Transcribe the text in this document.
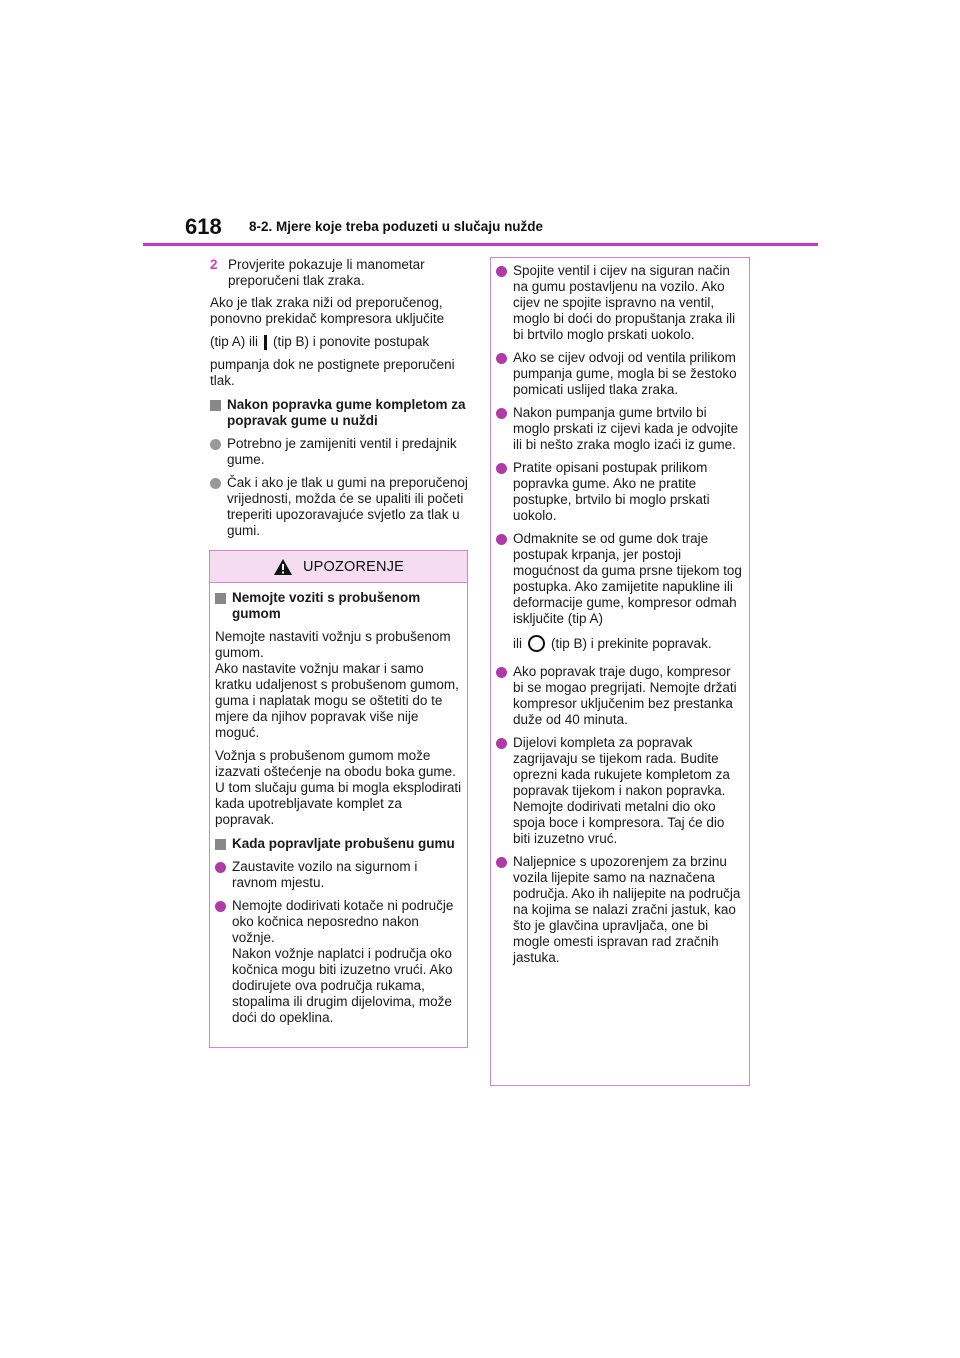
618 8-2. Mjere koje treba poduzeti u slučaju nužde
2 Provjerite pokazuje li manometar preporučeni tlak zraka.

Ako je tlak zraka niži od preporučenog, ponovno prekidač kompresora uključite

(tip A) ili (tip B) i ponovite postupak

pumpanja dok ne postignete preporučeni tlak.

Nakon popravka gume kompletom za popravak gume u nuždi
Potrebno je zamijeniti ventil i predajnik gume.
Čak i ako je tlak u gumi na preporučenoj vrijednosti, možda će se upaliti ili početi treperiti upozoravajuće svjetlo za tlak u gumi.
UPOZORENJE
Nemojte voziti s probušenom gumom

Nemojte nastaviti vožnju s probušenom gumom.

Ako nastavite vožnju makar i samo kratku udaljenost s probušenom gumom, guma i naplatak mogu se oštetiti do te mjere da njihov popravak više nije moguć.

Vožnja s probušenom gumom može izazvati oštećenje na obodu boka gume. U tom slučaju guma bi mogla eksplodirati kada upotrebljavate komplet za popravak.

Kada popravljate probušenu gumu
Zaustavite vozilo na sigurnom i ravnom mjestu.
Nemojte dodirivati kotače ni područje oko kočnica neposredno nakon vožnje.
Nakon vožnje naplatci i područja oko kočnica mogu biti izuzetno vrući. Ako dodirujete ova područja rukama, stopalima ili drugim dijelovima, može doći do opeklina.
Spojite ventil i cijev na siguran način na gumu postavljenu na vozilo. Ako cijev ne spojite ispravno na ventil, moglo bi doći do propuštanja zraka ili bi brtvilo moglo prskati uokolo.
Ako se cijev odvoji od ventila prilikom pumpanja gume, mogla bi se žestoko pomicati uslijed tlaka zraka.
Nakon pumpanja gume brtvilo bi moglo prskati iz cijevi kada je odvojite ili bi nešto zraka moglo izaći iz gume.
Pratite opisani postupak prilikom popravka gume. Ako ne pratite postupke, brtvilo bi moglo prskati uokolo.
Odmaknite se od gume dok traje postupak krpanja, jer postoji mogućnost da guma prsne tijekom tog postupka. Ako zamijetite napukline ili deformacije gume, kompresor odmah isključite (tip A)
ili (tip B) i prekinite popravak.
Ako popravak traje dugo, kompresor bi se mogao pregrijati. Nemojte držati kompresor uključenim bez prestanka duže od 40 minuta.
Dijelovi kompleta za popravak zagrijavaju se tijekom rada. Budite oprezni kada rukujete kompletom za popravak tijekom i nakon popravka. Nemojte dodirivati metalni dio oko spoja boce i kompresora. Taj će dio biti izuzetno vruć.
Naljepnice s upozorenjem za brzinu vozila lijepite samo na naznačena područja. Ako ih nalijepite na područja na kojima se nalazi zračni jastuk, kao što je glavčina upravljača, one bi mogle omesti ispravan rad zračnih jastuka.
